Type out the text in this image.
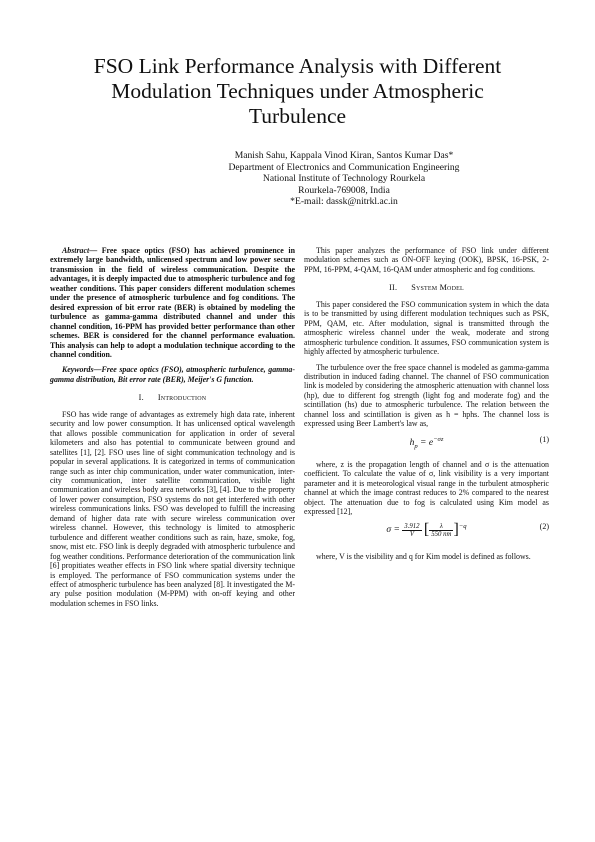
FSO Link Performance Analysis with Different Modulation Techniques under Atmospheric Turbulence
Manish Sahu, Kappala Vinod Kiran, Santos Kumar Das*
Department of Electronics and Communication Engineering
National Institute of Technology Rourkela
Rourkela-769008, India
*E-mail: dassk@nitrkl.ac.in

Abstract— Free space optics (FSO) has achieved prominence in extremely large bandwidth, unlicensed spectrum and low power secure transmission in the field of wireless communication. Despite the advantages, it is deeply impacted due to atmospheric turbulence and fog weather conditions. This paper considers different modulation schemes under the presence of atmospheric turbulence and fog conditions. The desired expression of bit error rate (BER) is obtained by modeling the turbulence as gamma-gamma distributed channel and under this channel condition, 16-PPM has provided better performance than other schemes. BER is considered for the channel performance evaluation. This analysis can help to adopt a modulation technique according to the channel condition.

Keywords—Free space optics (FSO), atmospheric turbulence, gamma-gamma distribution, Bit error rate (BER), Meijer's G function.

I. Introduction

FSO has wide range of advantages as extremely high data rate, inherent security and low power consumption. It has unlicensed optical wavelength that allows possible communication for application in order of several kilometers and also has potential to communicate between ground and satellites [1], [2]. FSO uses line of sight communication technology and is popular in several applications. It is categorized in terms of communication range such as inter chip communication, under water communication, inter-city communication, inter satellite communication, visible light communication and wireless body area networks [3], [4]. Due to the property of lower power consumption, FSO systems do not get interfered with other wireless communications links. FSO was developed to fulfill the increasing demand of higher data rate with secure wireless communication over wireless channel. However, this technology is limited to atmospheric turbulence and different weather conditions such as rain, haze, smoke, fog, snow, mist etc. FSO link is deeply degraded with atmospheric turbulence and fog weather conditions. Performance deterioration of the communication link [6] propitiates weather effects in FSO link where spatial diversity technique is employed. The performance of FSO communication systems under the effect of atmospheric turbulence has been analyzed [8]. It investigated the M-ary pulse position modulation (M-PPM) with on-off keying and other modulation schemes in FSO links.

This paper analyzes the performance of FSO link under different modulation schemes such as ON-OFF keying (OOK), BPSK, 16-PSK, 2-PPM, 16-PPM, 4-QAM, 16-QAM under atmospheric and fog conditions.

II. System Model

This paper considered the FSO communication system in which the data is to be transmitted by using different modulation techniques such as PSK, PPM, QAM, etc. After modulation, signal is transmitted through the atmospheric wireless channel under the weak, moderate and strong atmospheric turbulence condition. It assumes, FSO communication system is highly affected by atmospheric turbulence.

The turbulence over the free space channel is modeled as gamma-gamma distribution in induced fading channel. The channel of FSO communication link is modeled by considering the atmospheric attenuation with channel loss (hp), due to different fog strength (light fog and moderate fog) and the scintillation (hs) due to atmospheric turbulence. The relation between the channel loss and scintillation is given as h = hphs. The channel loss is expressed using Beer Lambert's law as,

$h_p = e^{-\sigma z}$	(1)

where, z is the propagation length of channel and σ is the attenuation coefficient. To calculate the value of σ, link visibility is a very important parameter and it is meteorological visual range in the turbulent atmospheric channel at which the image contrast reduces to 2% compared to the nearest object. The attenuation due to fog is calculated using Kim model as expressed [12],

$\sigma = \frac{3.912}{V}$ [ $\frac{\lambda}{550 nm} ]^{-q}$	(2)

where, V is the visibility and q for Kim model is defined as follows.
